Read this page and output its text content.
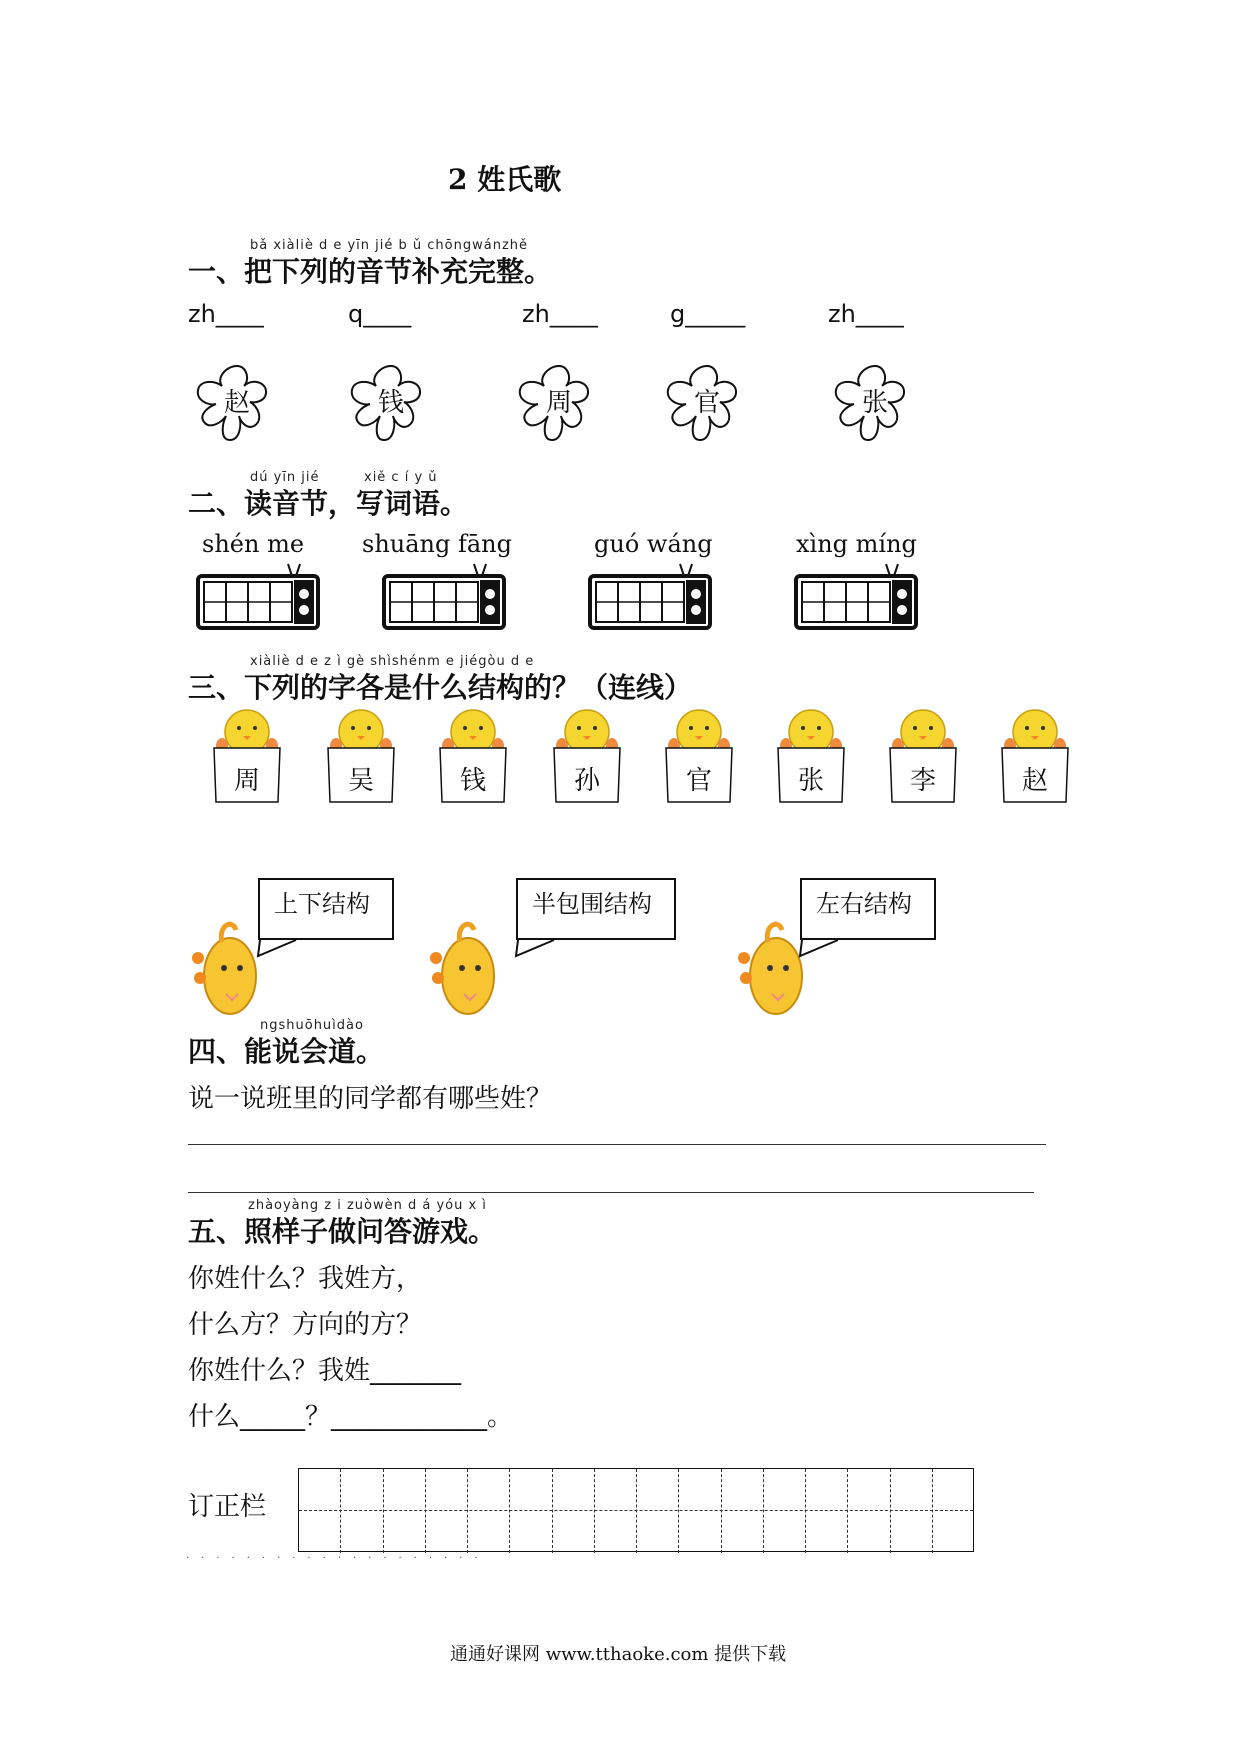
2 姓氏歌
bǎ xiàliè d e yīn jié b ǔ chōngwánzhě
一、把下列的音节补充完整。
zh____	q____	zh____	g_____	zh____
赵	钱	周	官	张
dú yīn jié	xiě c í y ǔ
二、读音节，写词语。
shén me shuāng fāng	guó wáng	xìng míng
xiàliè d e z ì gè shìshénm e jiégòu d e
三、下列的字各是什么结构的？（连线）
周	吴	钱	孙	官	张	李	赵
上下结构	半包围结构	左右结构
ngshuōhuìdào
四、能说会道。
说一说班里的同学都有哪些姓？
zhàoyàng z i zuòwèn d á yóu x ì
五、照样子做问答游戏。
你姓什么？我姓方，
什么方？方向的方？
你姓什么？我姓_______
什么_____？____________。
订正栏
....................
通通好课网 www.tthaoke.com 提供下载
